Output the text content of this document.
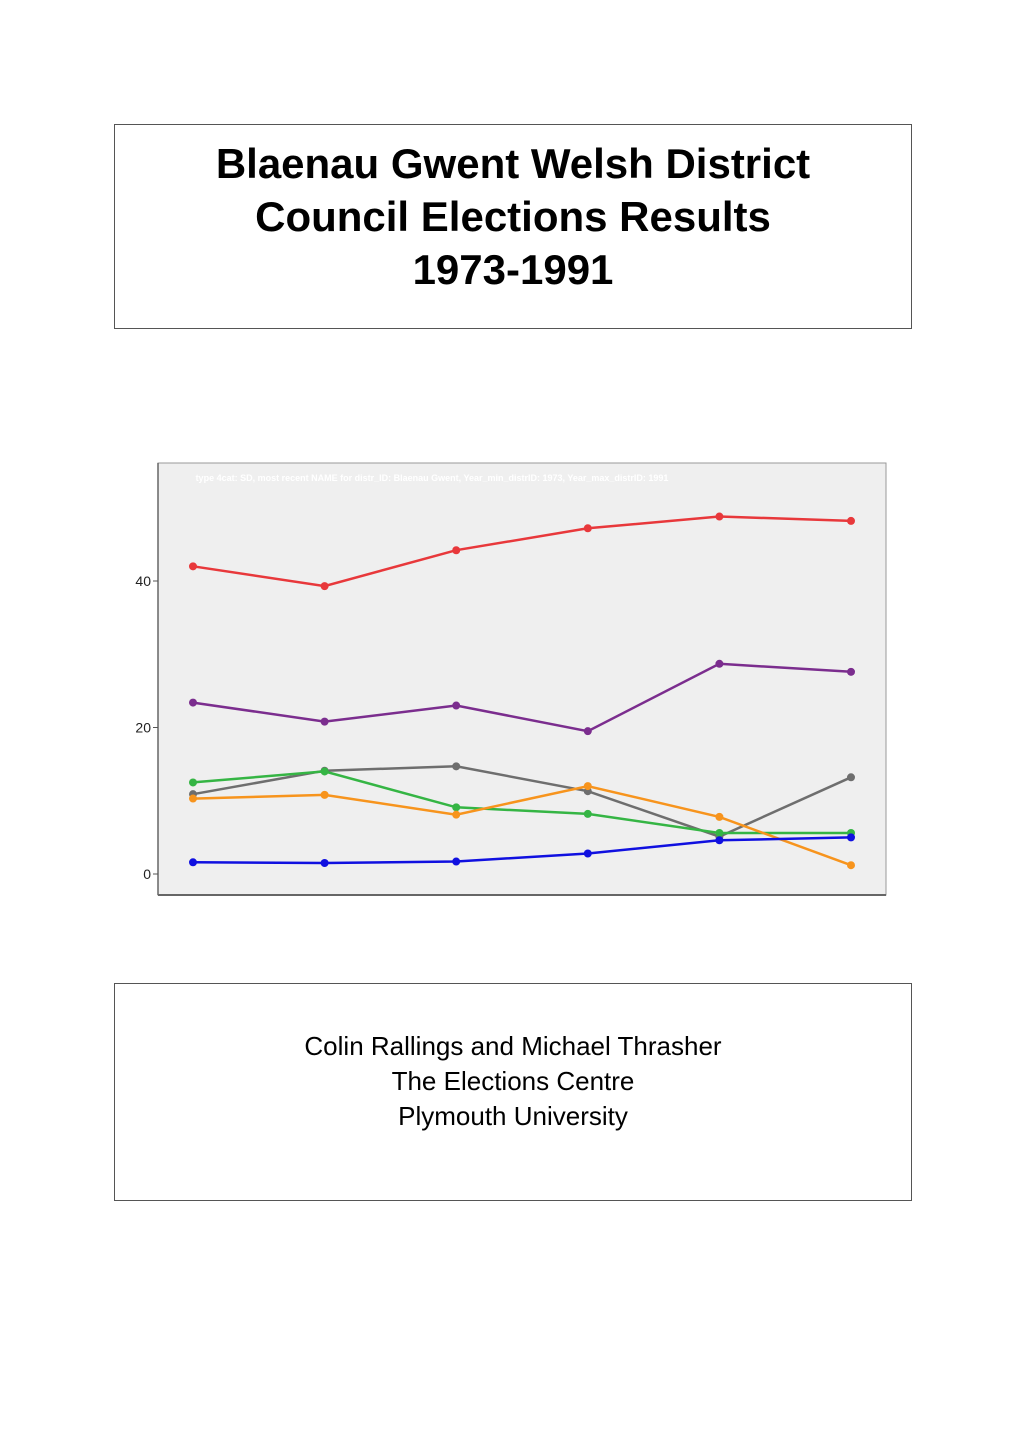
Blaenau Gwent Welsh District
Council Elections Results
1973-1991
type 4cat: SD, most recent NAME for distr_ID: Blaenau Gwent, Year_min_distrID: 1973, Year_max_distrID: 1991
0
20
40
Colin Rallings and Michael Thrasher
The Elections Centre
Plymouth University
